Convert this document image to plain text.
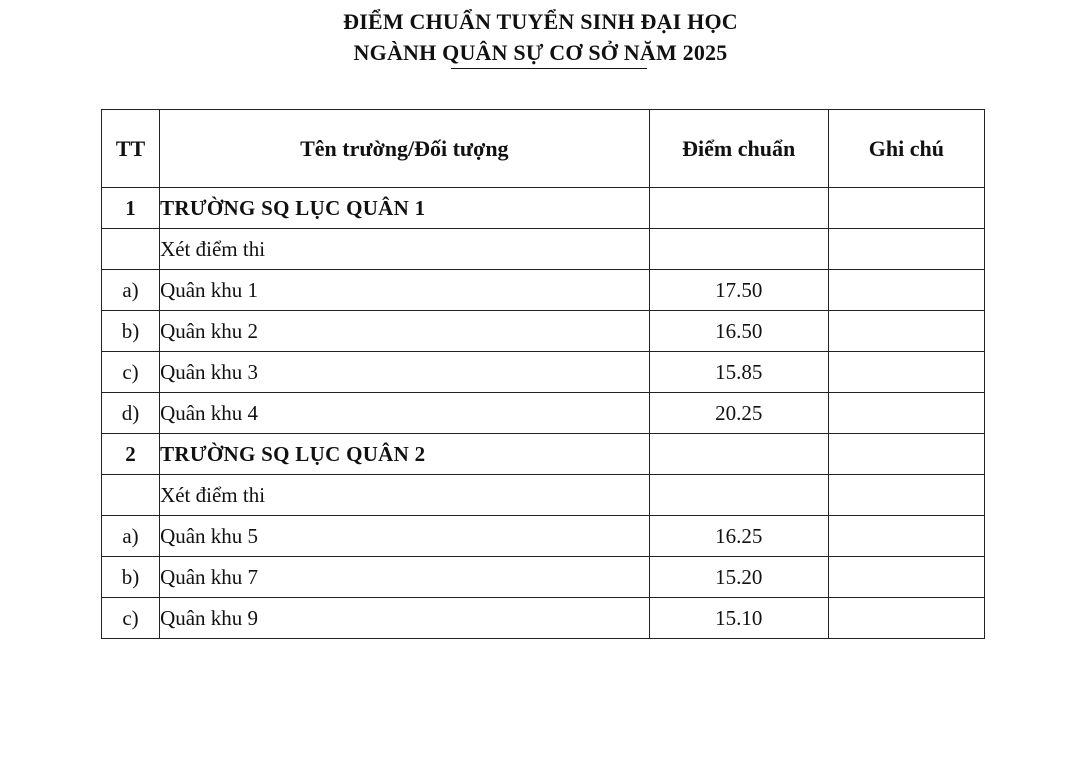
ĐIỂM CHUẨN TUYỂN SINH ĐẠI HỌC
NGÀNH QUÂN SỰ CƠ SỞ NĂM 2025
TT	Tên trường/Đối tượng	Điểm chuẩn	Ghi chú
1	TRƯỜNG SQ LỤC QUÂN 1		
	Xét điểm thi		
a)	Quân khu 1	17.50	
b)	Quân khu 2	16.50	
c)	Quân khu 3	15.85	
d)	Quân khu 4	20.25	
2	TRƯỜNG SQ LỤC QUÂN 2		
	Xét điểm thi		
a)	Quân khu 5	16.25	
b)	Quân khu 7	15.20	
c)	Quân khu 9	15.10	
